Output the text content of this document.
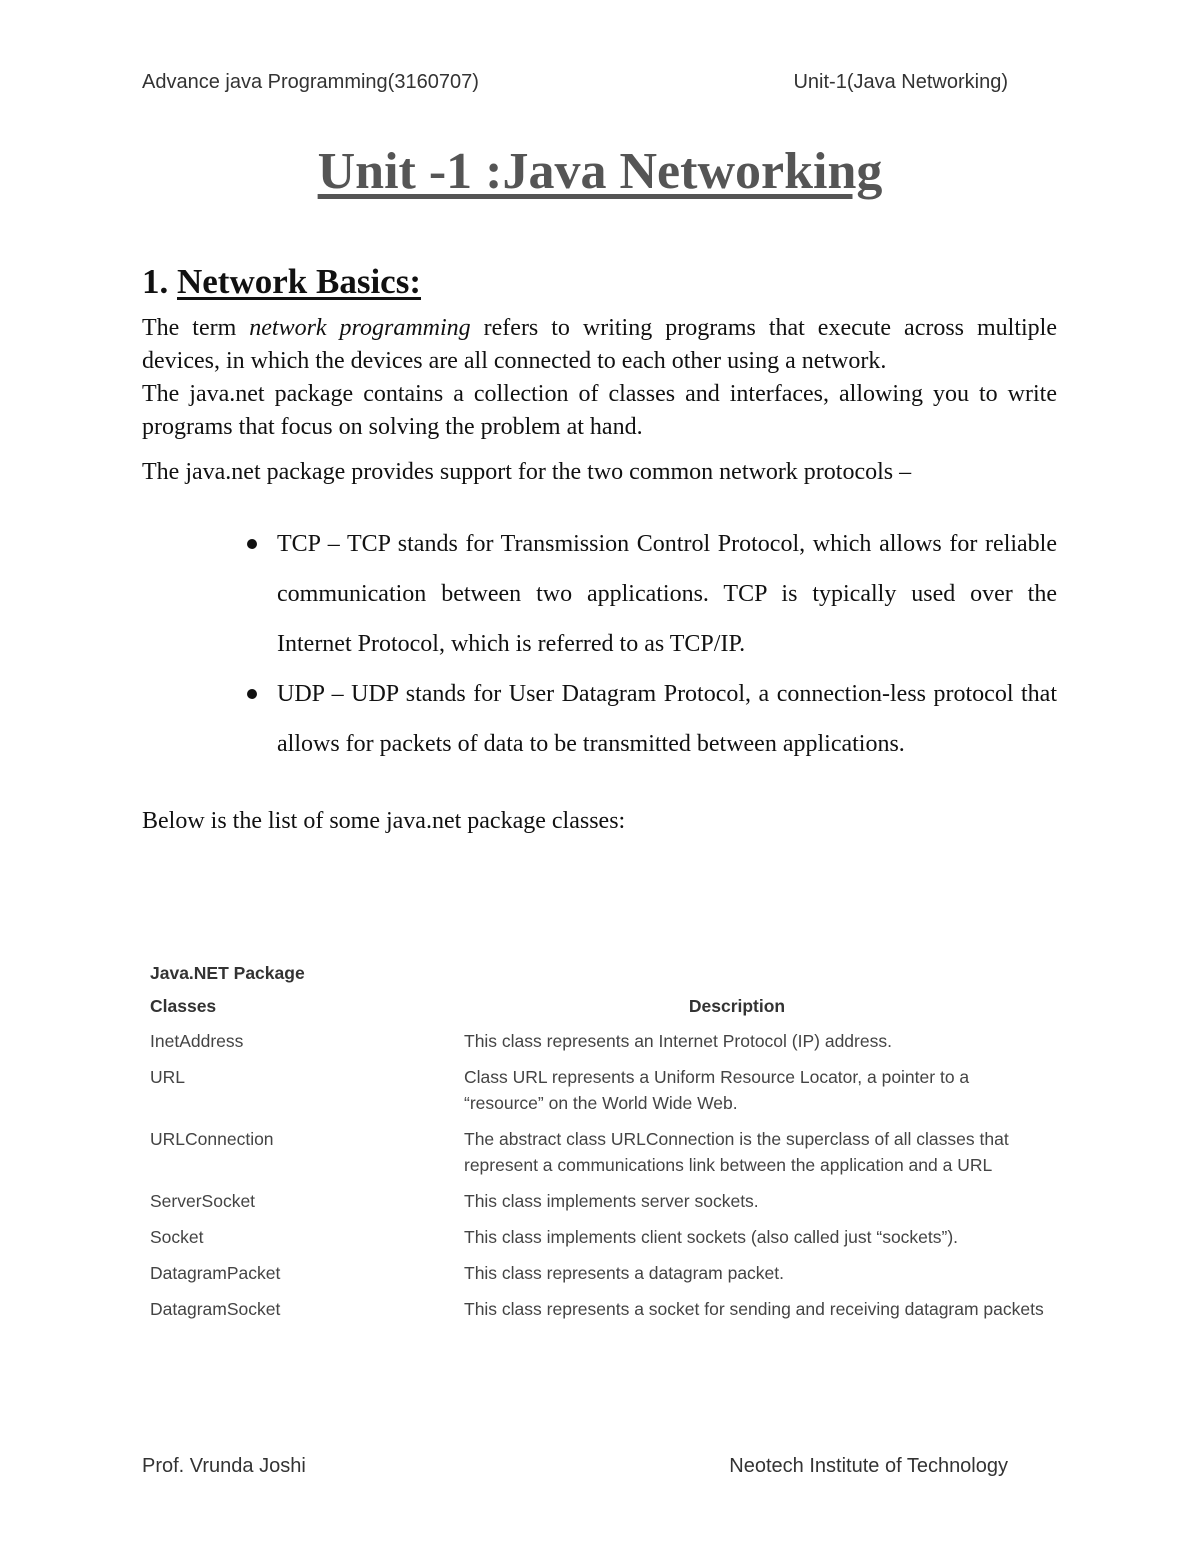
Advance java Programming(3160707)	Unit-1(Java Networking)
Unit -1 :Java Networking
1. Network Basics:

The term network programming refers to writing programs that execute across multiple devices, in which the devices are all connected to each other using a network.

The java.net package contains a collection of classes and interfaces, allowing you to write programs that focus on solving the problem at hand.

The java.net package provides support for the two common network protocols –

TCP – TCP stands for Transmission Control Protocol, which allows for reliable communication between two applications. TCP is typically used over the Internet Protocol, which is referred to as TCP/IP.
UDP – UDP stands for User Datagram Protocol, a connection-less protocol that allows for packets of data to be transmitted between applications.

Below is the list of some java.net package classes:

Java.NET Package	
Classes	Description
InetAddress	This class represents an Internet Protocol (IP) address.
URL	Class URL represents a Uniform Resource Locator, a pointer to a “resource” on the World Wide Web.
URLConnection	The abstract class URLConnection is the superclass of all classes that represent a communications link between the application and a URL
ServerSocket	This class implements server sockets.
Socket	This class implements client sockets (also called just “sockets”).
DatagramPacket	This class represents a datagram packet.
DatagramSocket	This class represents a socket for sending and receiving datagram packets
Prof. Vrunda Joshi	Neotech Institute of Technology
